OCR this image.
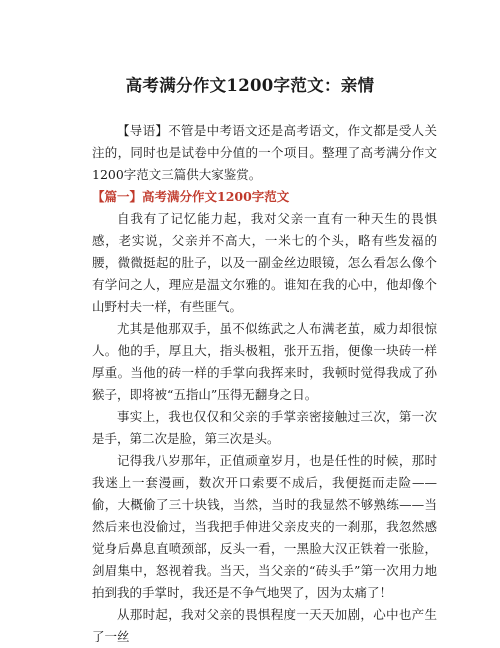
高考满分作文1200字范文：亲情

【导语】不管是中考语文还是高考语文，作文都是受人关注的，同时也是试卷中分值的一个项目。整理了高考满分作文1200字范文三篇供大家鉴赏。

【篇一】高考满分作文1200字范文

自我有了记忆能力起，我对父亲一直有一种天生的畏惧感，老实说，父亲并不高大，一米七的个头，略有些发福的腰，微微挺起的肚子，以及一副金丝边眼镜，怎么看怎么像个有学问之人，理应是温文尔雅的。谁知在我的心中，他却像个山野村夫一样，有些匪气。

尤其是他那双手，虽不似练武之人布满老茧，威力却很惊人。他的手，厚且大，指头极粗，张开五指，便像一块砖一样厚重。当他的砖一样的手掌向我挥来时，我顿时觉得我成了孙猴子，即将被“五指山”压得无翻身之日。

事实上，我也仅仅和父亲的手掌亲密接触过三次，第一次是手，第二次是脸，第三次是头。

记得我八岁那年，正值顽童岁月，也是任性的时候，那时我迷上一套漫画，数次开口索要不成后，我便挺而走险——偷，大概偷了三十块钱，当然，当时的我显然不够熟练——当然后来也没偷过，当我把手伸进父亲皮夹的一刹那，我忽然感觉身后鼻息直喷颈部，反头一看，一黑脸大汉正铁着一张脸，剑眉集中，怒视着我。当天，当父亲的“砖头手”第一次用力地拍到我的手掌时，我还是不争气地哭了，因为太痛了！

从那时起，我对父亲的畏惧程度一天天加剧，心中也产生了一丝
